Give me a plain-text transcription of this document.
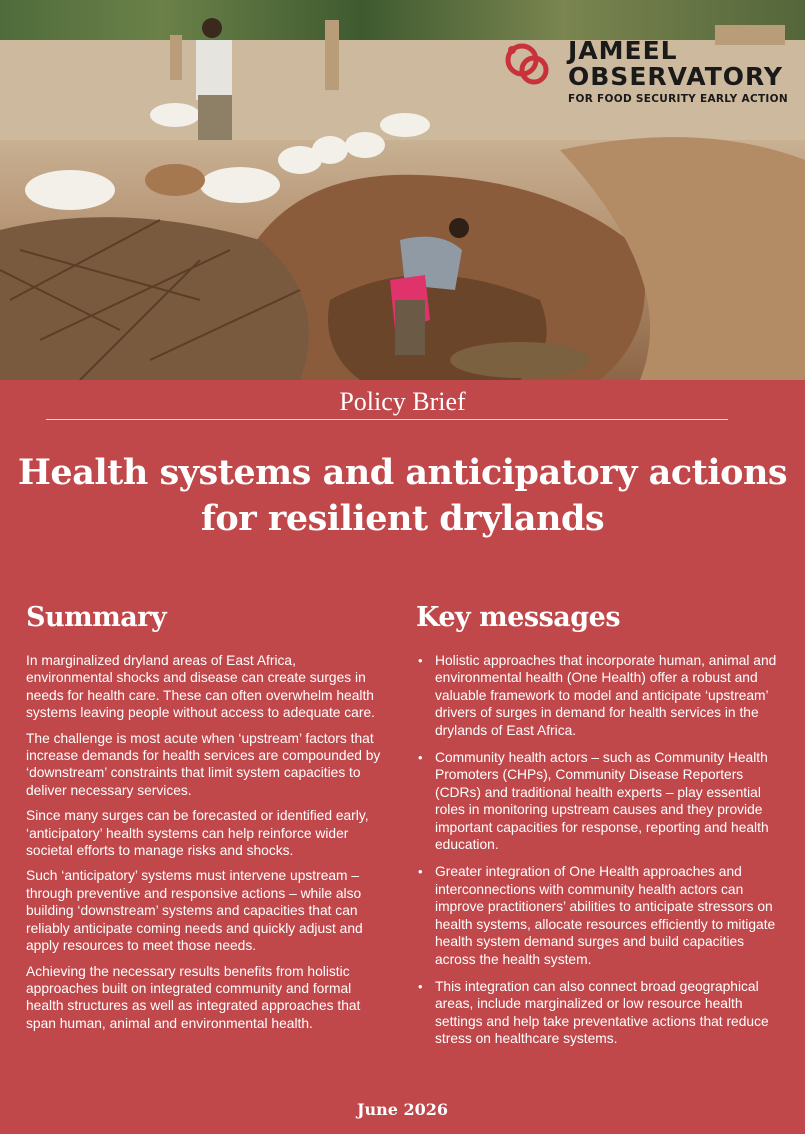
JAMEEL
OBSERVATORY
FOR FOOD SECURITY EARLY ACTION
Policy Brief
Health systems and anticipatory actions
for resilient drylands
Summary

In marginalized dryland areas of East Africa, environmental shocks and disease can create surges in needs for health care. These can often overwhelm health systems leaving people without access to adequate care.

The challenge is most acute when ‘upstream’ factors that increase demands for health services are compounded by ‘downstream’ constraints that limit system capacities to deliver necessary services.

Since many surges can be forecasted or identified early, ‘anticipatory’ health systems can help reinforce wider societal efforts to manage risks and shocks.

Such ‘anticipatory’ systems must intervene upstream – through preventive and responsive actions – while also building ‘downstream’ systems and capacities that can reliably anticipate coming needs and quickly adjust and apply resources to meet those needs.

Achieving the necessary results benefits from holistic approaches built on integrated community and formal health structures as well as integrated approaches that span human, animal and environmental health.

Key messages
• Holistic approaches that incorporate human, animal and environmental health (One Health) offer a robust and valuable framework to model and anticipate ‘upstream’ drivers of surges in demand for health services in the drylands of East Africa.
• Community health actors – such as Community Health Promoters (CHPs), Community Disease Reporters (CDRs) and traditional health experts – play essential roles in monitoring upstream causes and they provide important capacities for response, reporting and health education.
• Greater integration of One Health approaches and interconnections with community health actors can improve practitioners’ abilities to anticipate stressors on health systems, allocate resources efficiently to mitigate health system demand surges and build capacities across the health system.
• This integration can also connect broad geographical areas, include marginalized or low resource health settings and help take preventative actions that reduce stress on healthcare systems.
June 2026
